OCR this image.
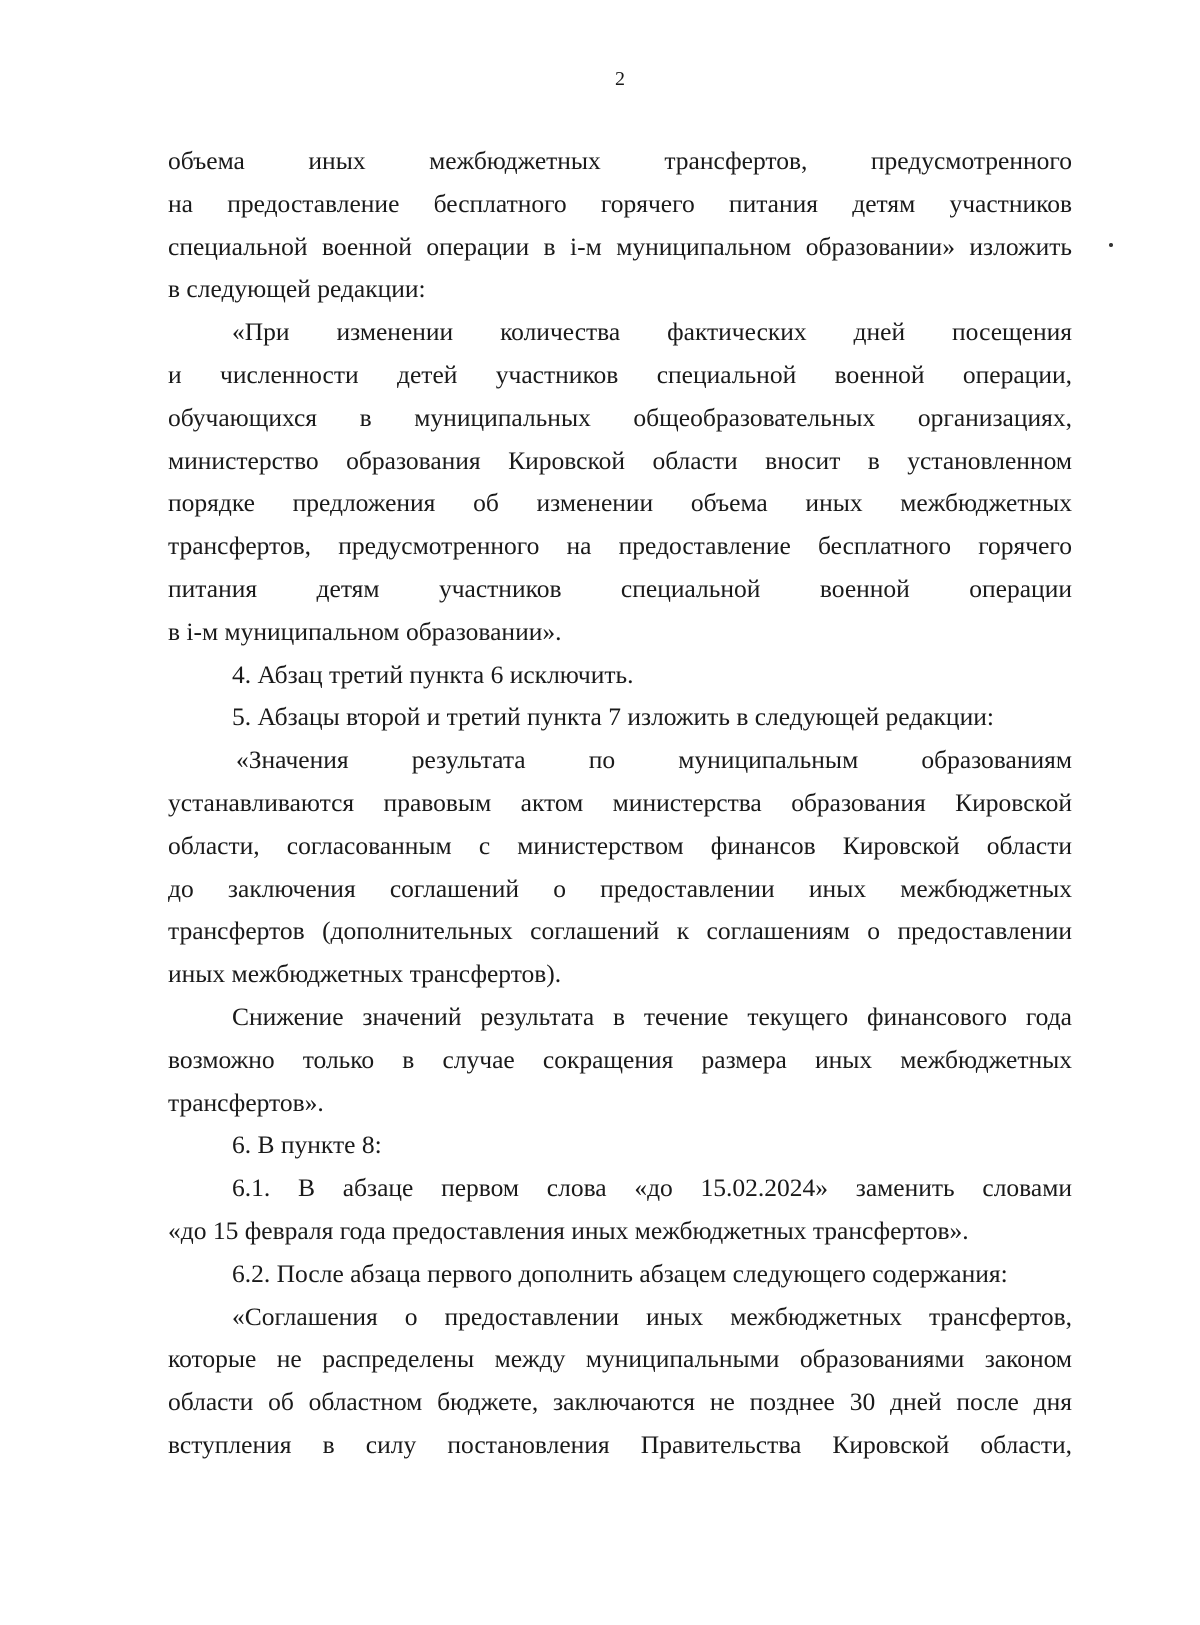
2
объема иных межбюджетных трансфертов, предусмотренного
на предоставление бесплатного горячего питания детям участников
специальной военной операции в i-м муниципальном образовании» изложить
в следующей редакции:
«При изменении количества фактических дней посещения
и численности детей участников специальной военной операции,
обучающихся в муниципальных общеобразовательных организациях,
министерство образования Кировской области вносит в установленном
порядке предложения об изменении объема иных межбюджетных
трансфертов, предусмотренного на предоставление бесплатного горячего
питания детям участников специальной военной операции
в i-м муниципальном образовании».
4. Абзац третий пункта 6 исключить.
5. Абзацы второй и третий пункта 7 изложить в следующей редакции:
«Значения результата по муниципальным образованиям
устанавливаются правовым актом министерства образования Кировской
области, согласованным с министерством финансов Кировской области
до заключения соглашений о предоставлении иных межбюджетных
трансфертов (дополнительных соглашений к соглашениям о предоставлении
иных межбюджетных трансфертов).
Снижение значений результата в течение текущего финансового года
возможно только в случае сокращения размера иных межбюджетных
трансфертов».
6. В пункте 8:
6.1. В абзаце первом слова «до 15.02.2024» заменить словами
«до 15 февраля года предоставления иных межбюджетных трансфертов».
6.2. После абзаца первого дополнить абзацем следующего содержания:
«Соглашения о предоставлении иных межбюджетных трансфертов,
которые не распределены между муниципальными образованиями законом
области об областном бюджете, заключаются не позднее 30 дней после дня
вступления в силу постановления Правительства Кировской области,
